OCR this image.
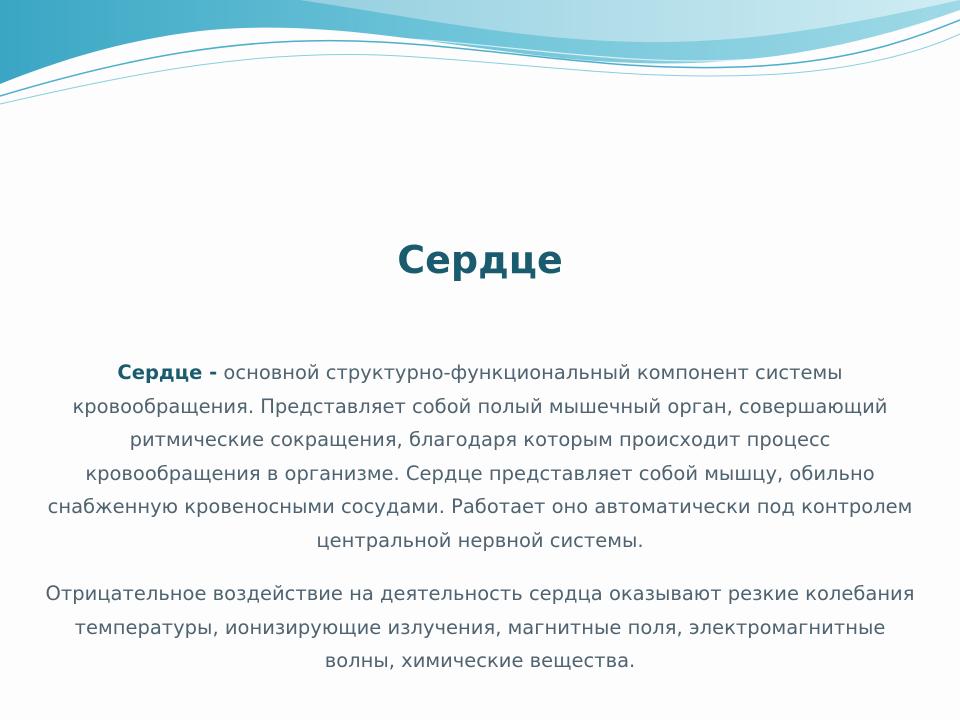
Сердце

Сердце - основной структурно-функциональный компонент системы кровообращения. Представляет собой полый мышечный орган, совершающий ритмические сокращения, благодаря которым происходит процесс кровообращения в организме. Сердце представляет собой мышцу, обильно снабженную кровеносными сосудами. Работает оно автоматически под контролем центральной нервной системы.

Отрицательное воздействие на деятельность сердца оказывают резкие колебания температуры, ионизирующие излучения, магнитные поля, электромагнитные волны, химические вещества.
